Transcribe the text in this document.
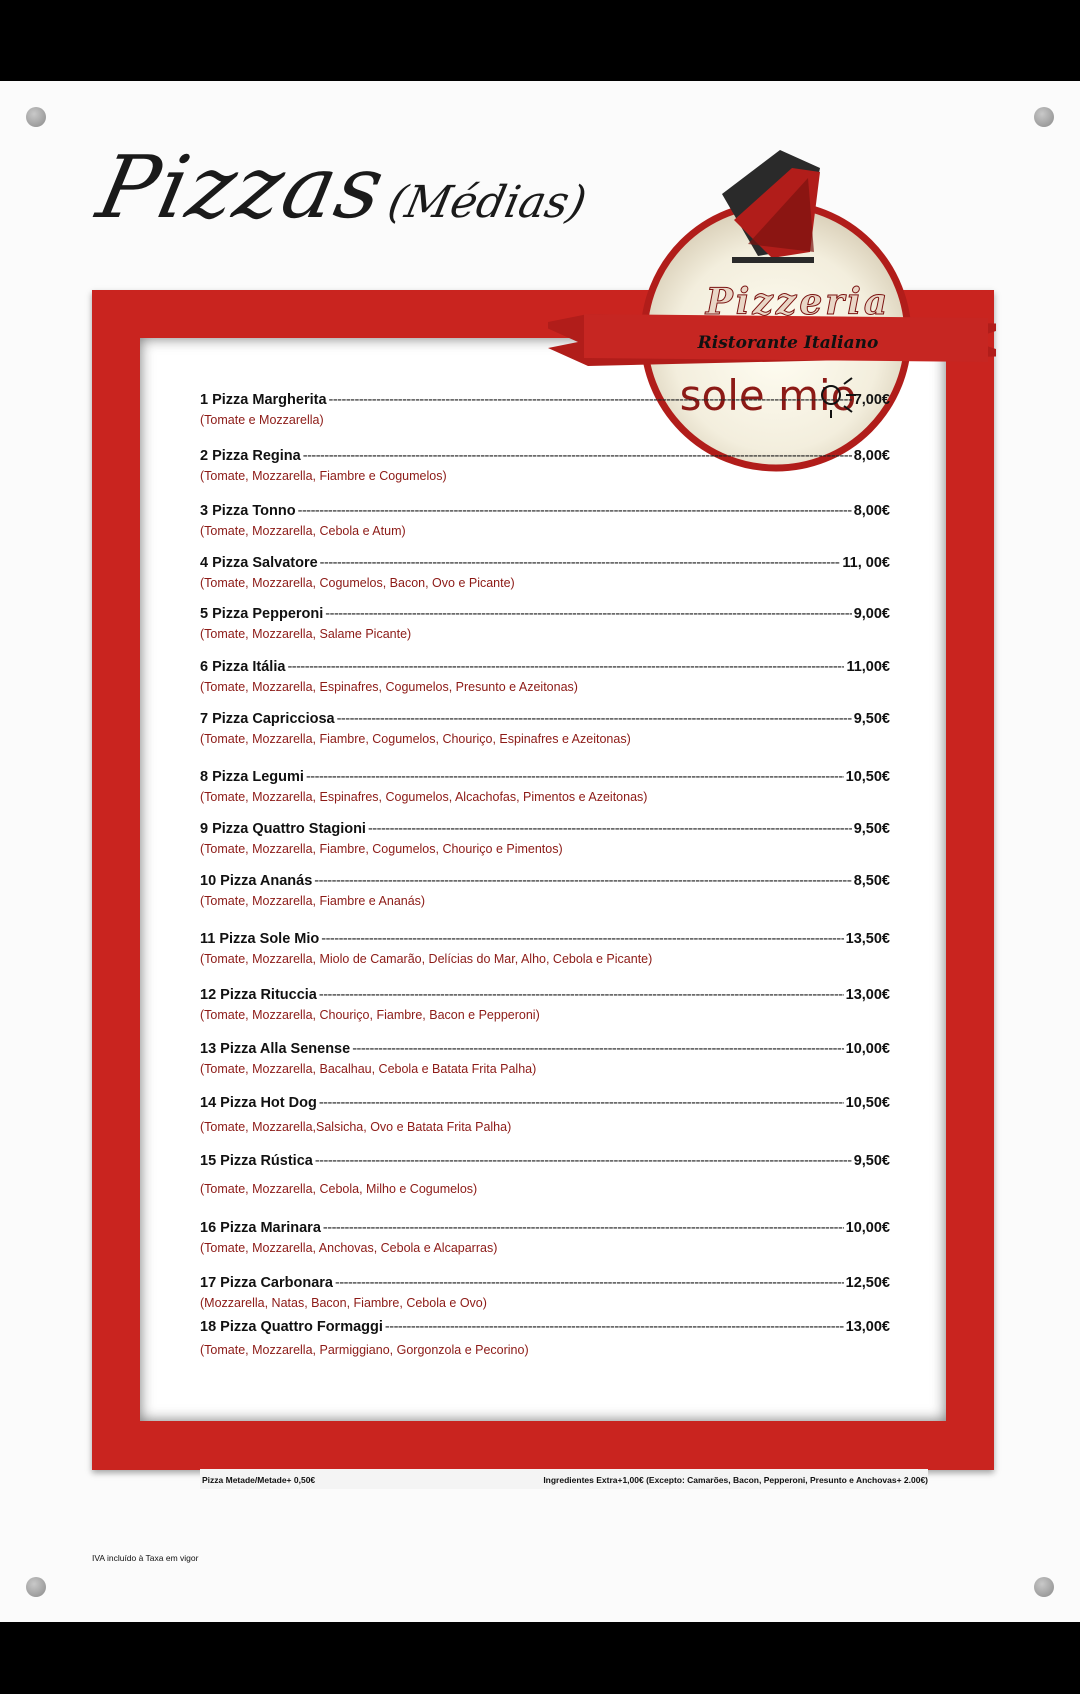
Pizzas(Médias)
Pizzeria
Ristorante Italiano
sole mio
1 Pizza Margherita -----	7,00€
(Tomate e Mozzarella)
2 Pizza Regina -----	8,00€
(Tomate, Mozzarella, Fiambre e Cogumelos)
3 Pizza Tonno -----	8,00€
(Tomate, Mozzarella, Cebola e Atum)
4 Pizza Salvatore -----	11, 00€
(Tomate, Mozzarella, Cogumelos, Bacon, Ovo e Picante)
5 Pizza Pepperoni -----	9,00€
(Tomate, Mozzarella, Salame Picante)
6 Pizza Itália -----	11,00€
(Tomate, Mozzarella, Espinafres, Cogumelos, Presunto e Azeitonas)
7 Pizza Capricciosa -----	9,50€
(Tomate, Mozzarella, Fiambre, Cogumelos, Chouriço, Espinafres e Azeitonas)
8 Pizza Legumi -----	10,50€
(Tomate, Mozzarella, Espinafres, Cogumelos, Alcachofas, Pimentos e Azeitonas)
9 Pizza Quattro Stagioni -----	9,50€
(Tomate, Mozzarella, Fiambre, Cogumelos, Chouriço e Pimentos)
10 Pizza Ananás -----	8,50€
(Tomate, Mozzarella, Fiambre e Ananás)
11 Pizza Sole Mio -----	13,50€
(Tomate, Mozzarella, Miolo de Camarão, Delícias do Mar, Alho, Cebola e Picante)
12 Pizza Rituccia -----	13,00€
(Tomate, Mozzarella, Chouriço, Fiambre, Bacon e Pepperoni)
13 Pizza Alla Senense -----	10,00€
(Tomate, Mozzarella, Bacalhau, Cebola e Batata Frita Palha)
14 Pizza Hot Dog -----	10,50€
(Tomate, Mozzarella,Salsicha, Ovo e Batata Frita Palha)
15 Pizza Rústica -----	9,50€
(Tomate, Mozzarella, Cebola, Milho e Cogumelos)
16 Pizza Marinara -----	10,00€
(Tomate, Mozzarella, Anchovas, Cebola e Alcaparras)
17 Pizza Carbonara -----	12,50€
(Mozzarella, Natas, Bacon, Fiambre, Cebola e Ovo)
18 Pizza Quattro Formaggi -----	13,00€
(Tomate, Mozzarella, Parmiggiano, Gorgonzola e Pecorino)
Pizza Metade/Metade+ 0,50€	Ingredientes Extra+1,00€ (Excepto: Camarões, Bacon, Pepperoni, Presunto e Anchovas+ 2.00€)
IVA incluído à Taxa em vigor
